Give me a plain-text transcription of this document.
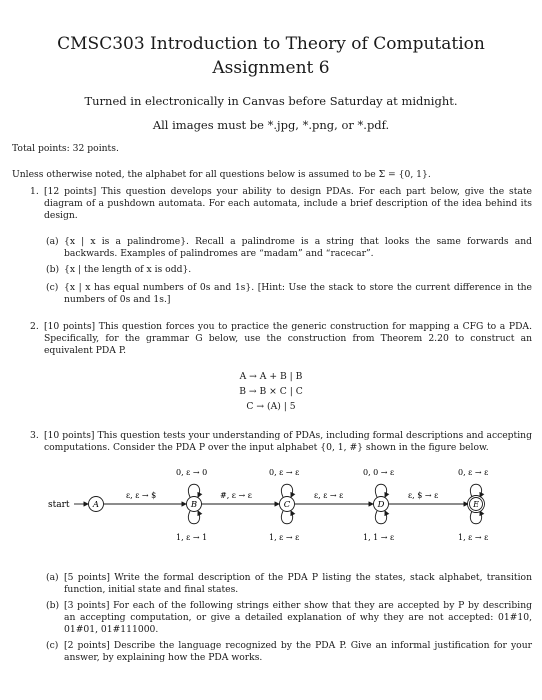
CMSC303 Introduction to Theory of Computation
Assignment 6
Turned in electronically in Canvas before Saturday at midnight.
All images must be *.jpg, *.png, or *.pdf.
Total points: 32 points.
Unless otherwise noted, the alphabet for all questions below is assumed to be Σ = {0, 1}.
1. [12 points] This question develops your ability to design PDAs. For each part below, give the state diagram of a pushdown automata. For each automata, include a brief description of the idea behind its design.
(a) {x | x is a palindrome}. Recall a palindrome is a string that looks the same forwards and backwards. Examples of palindromes are “madam” and “racecar”.
(b) {x | the length of x is odd}.
(c) {x | x has equal numbers of 0s and 1s}. [Hint: Use the stack to store the current difference in the numbers of 0s and 1s.]
2. [10 points] This question forces you to practice the generic construction for mapping a CFG to a PDA. Specifically, for the grammar G below, use the construction from Theorem 2.20 to construct an equivalent PDA P.
A → A + B | B
B → B × C | C
C → (A) | 5
3. [10 points] This question tests your understanding of PDAs, including formal descriptions and accepting computations. Consider the PDA P over the input alphabet {0, 1, #} shown in the figure below.
start
ε, ε → $	#, ε → ε	ε, ε → ε	ε, $ → ε
0, ε → 0	0, ε → ε	0, 0 → ε	0, ε → ε
1, ε → 1	1, ε → ε	1, 1 → ε	1, ε → ε
A	B	C	D	E
(a) [5 points] Write the formal description of the PDA P listing the states, stack alphabet, transition function, initial state and final states.
(b) [3 points] For each of the following strings either show that they are accepted by P by describing an accepting computation, or give a detailed explanation of why they are not accepted: 01#10, 01#01, 01#111000.
(c) [2 points] Describe the language recognized by the PDA P. Give an informal justification for your answer, by explaining how the PDA works.
